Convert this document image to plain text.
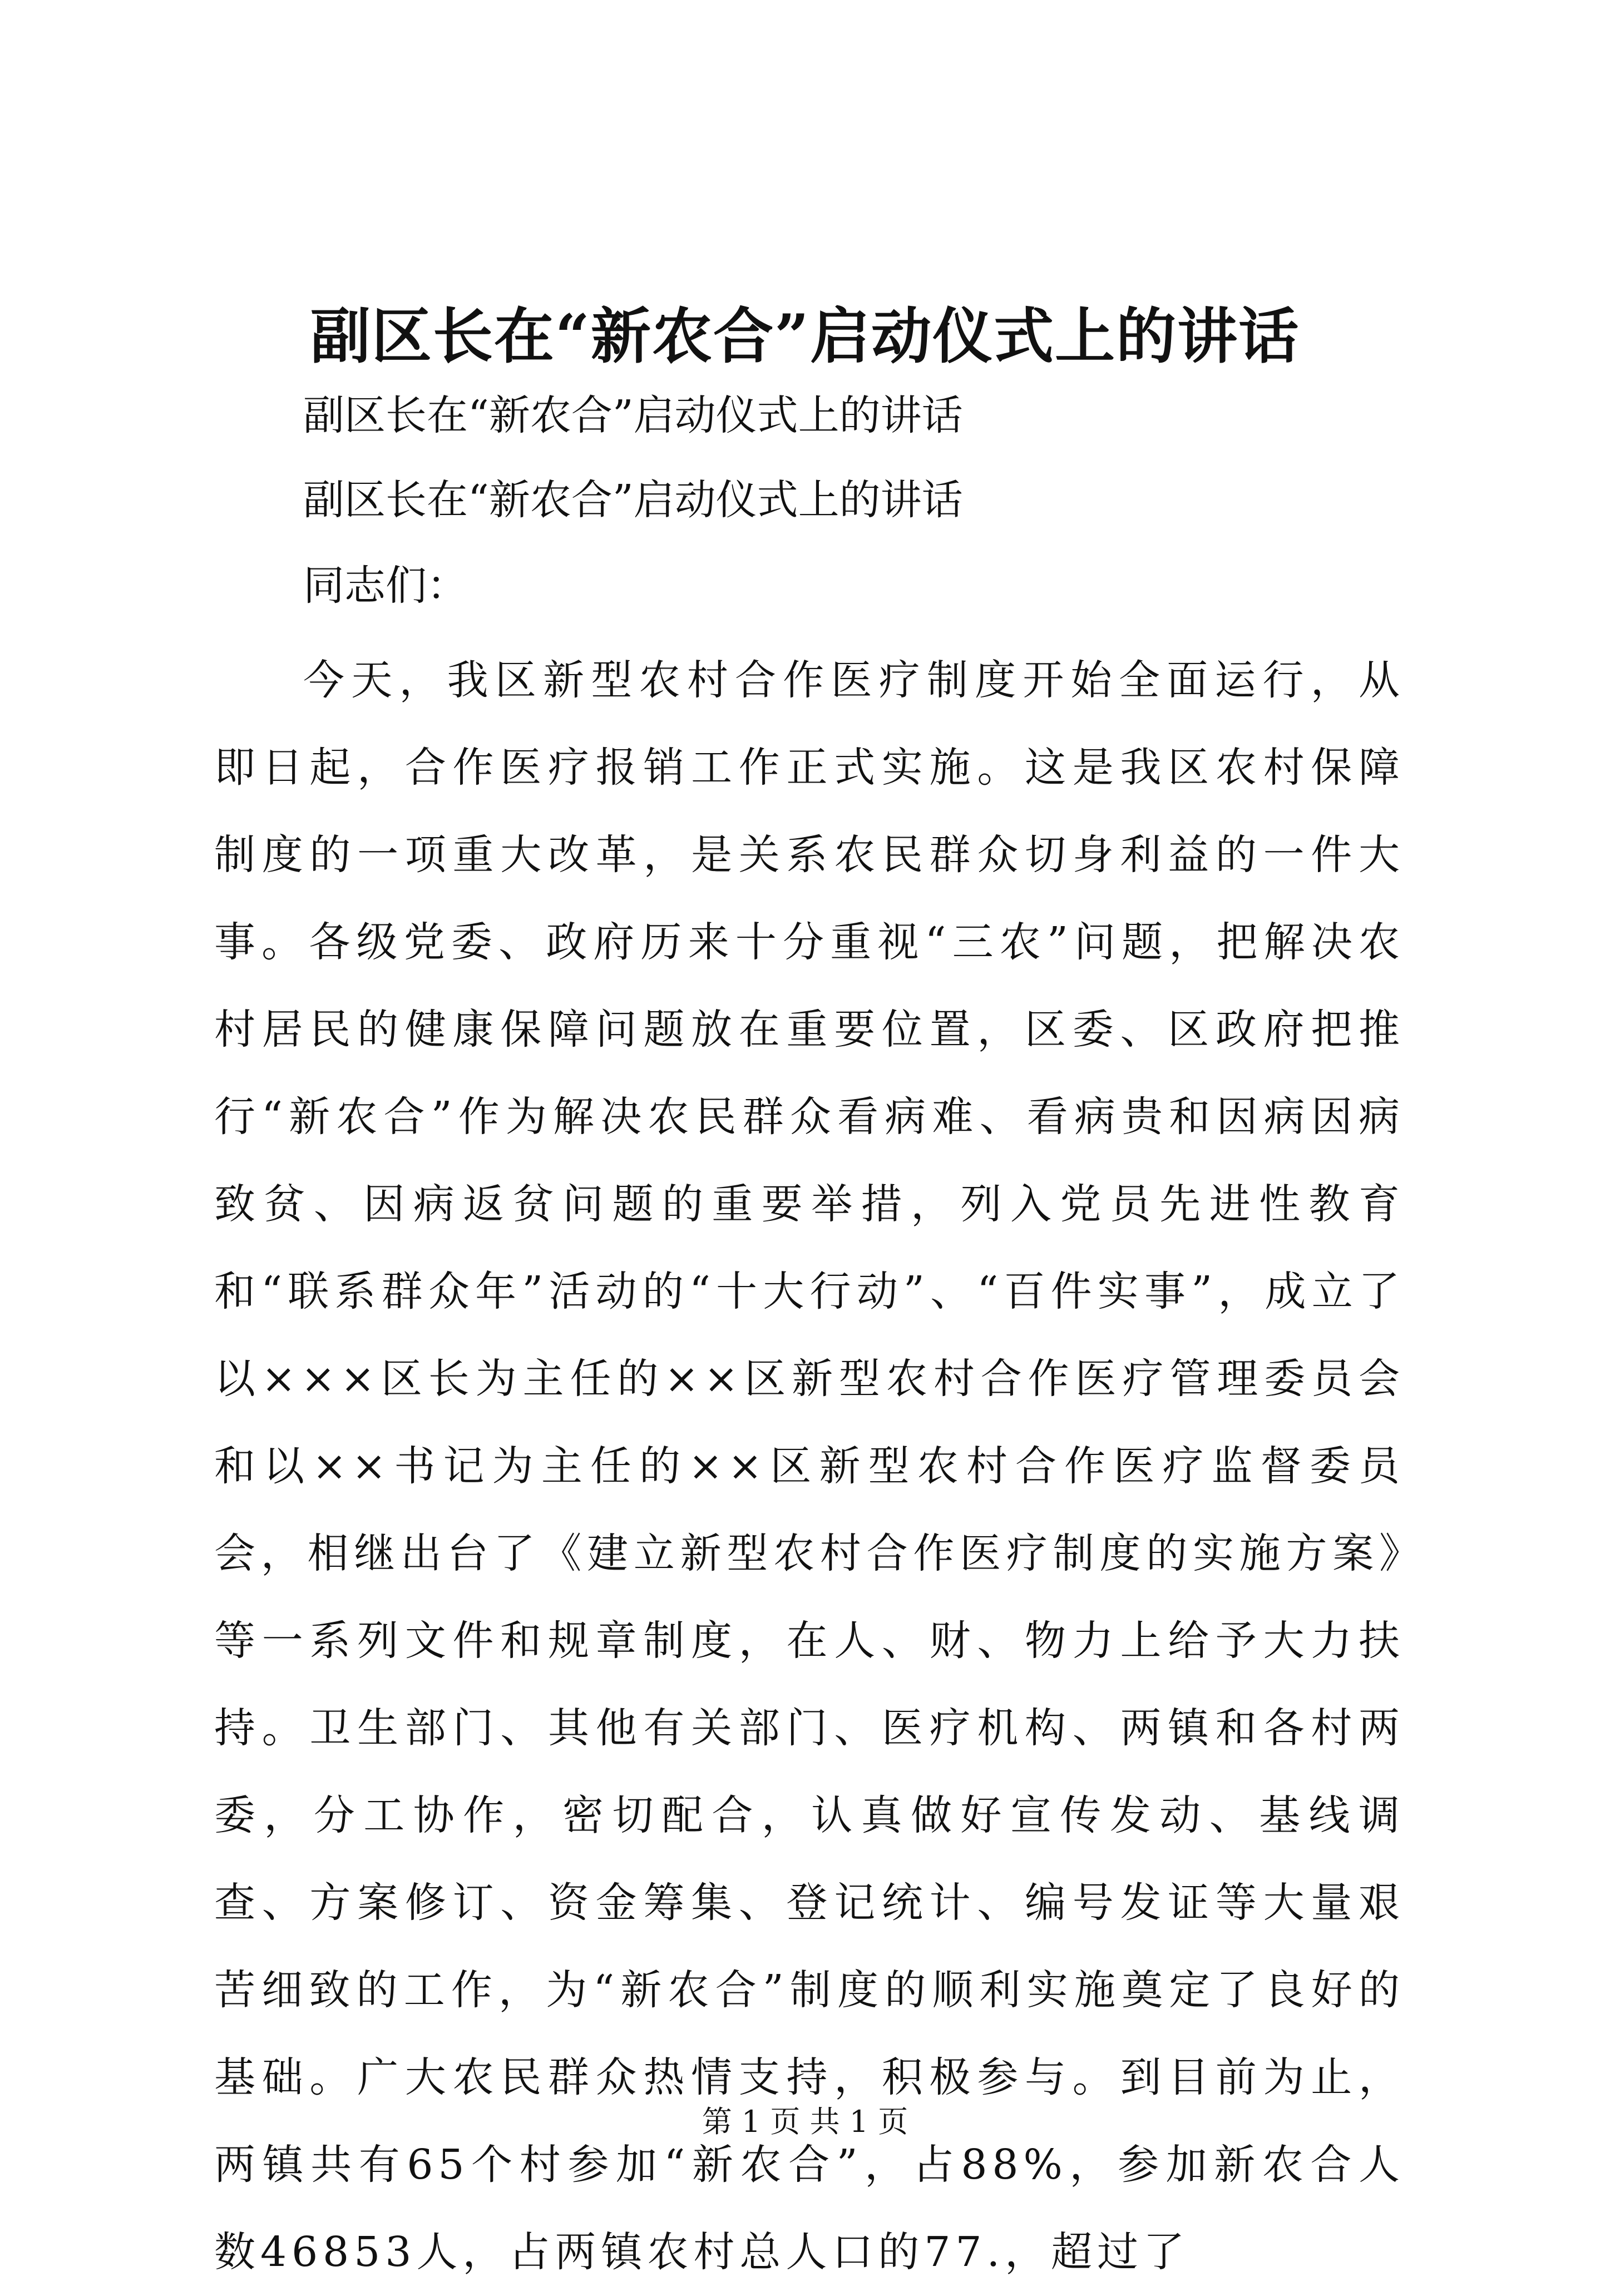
副区长在“新农合”启动仪式上的讲话
副区长在“新农合”启动仪式上的讲话
副区长在“新农合”启动仪式上的讲话
同志们：
今天，我区新型农村合作医疗制度开始全面运行，从即日起，合作医疗报销工作正式实施。这是我区农村保障制度的一项重大改革，是关系农民群众切身利益的一件大事。各级党委、政府历来十分重视“三农”问题，把解决农村居民的健康保障问题放在重要位置，区委、区政府把推行“新农合”作为解决农民群众看病难、看病贵和因病因病致贫、因病返贫问题的重要举措，列入党员先进性教育和“联系群众年”活动的“十大行动”、“百件实事”，成立了以×××区长为主任的××区新型农村合作医疗管理委员会和以××书记为主任的××区新型农村合作医疗监督委员会，相继出台了《建立新型农村合作医疗制度的实施方案》等一系列文件和规章制度，在人、财、物力上给予大力扶持。卫生部门、其他有关部门、医疗机构、两镇和各村两委，分工协作，密切配合，认真做好宣传发动、基线调查、方案修订、资金筹集、登记统计、编号发证等大量艰苦细致的工作，为“新农合”制度的顺利实施奠定了良好的基础。广大农民群众热情支持，积极参与。到目前为止，两镇共有65个村参加“新农合”，占88%，参加新农合人数46853人，占两镇农村总人口的77.，超过了
第 1 页 共 1 页
